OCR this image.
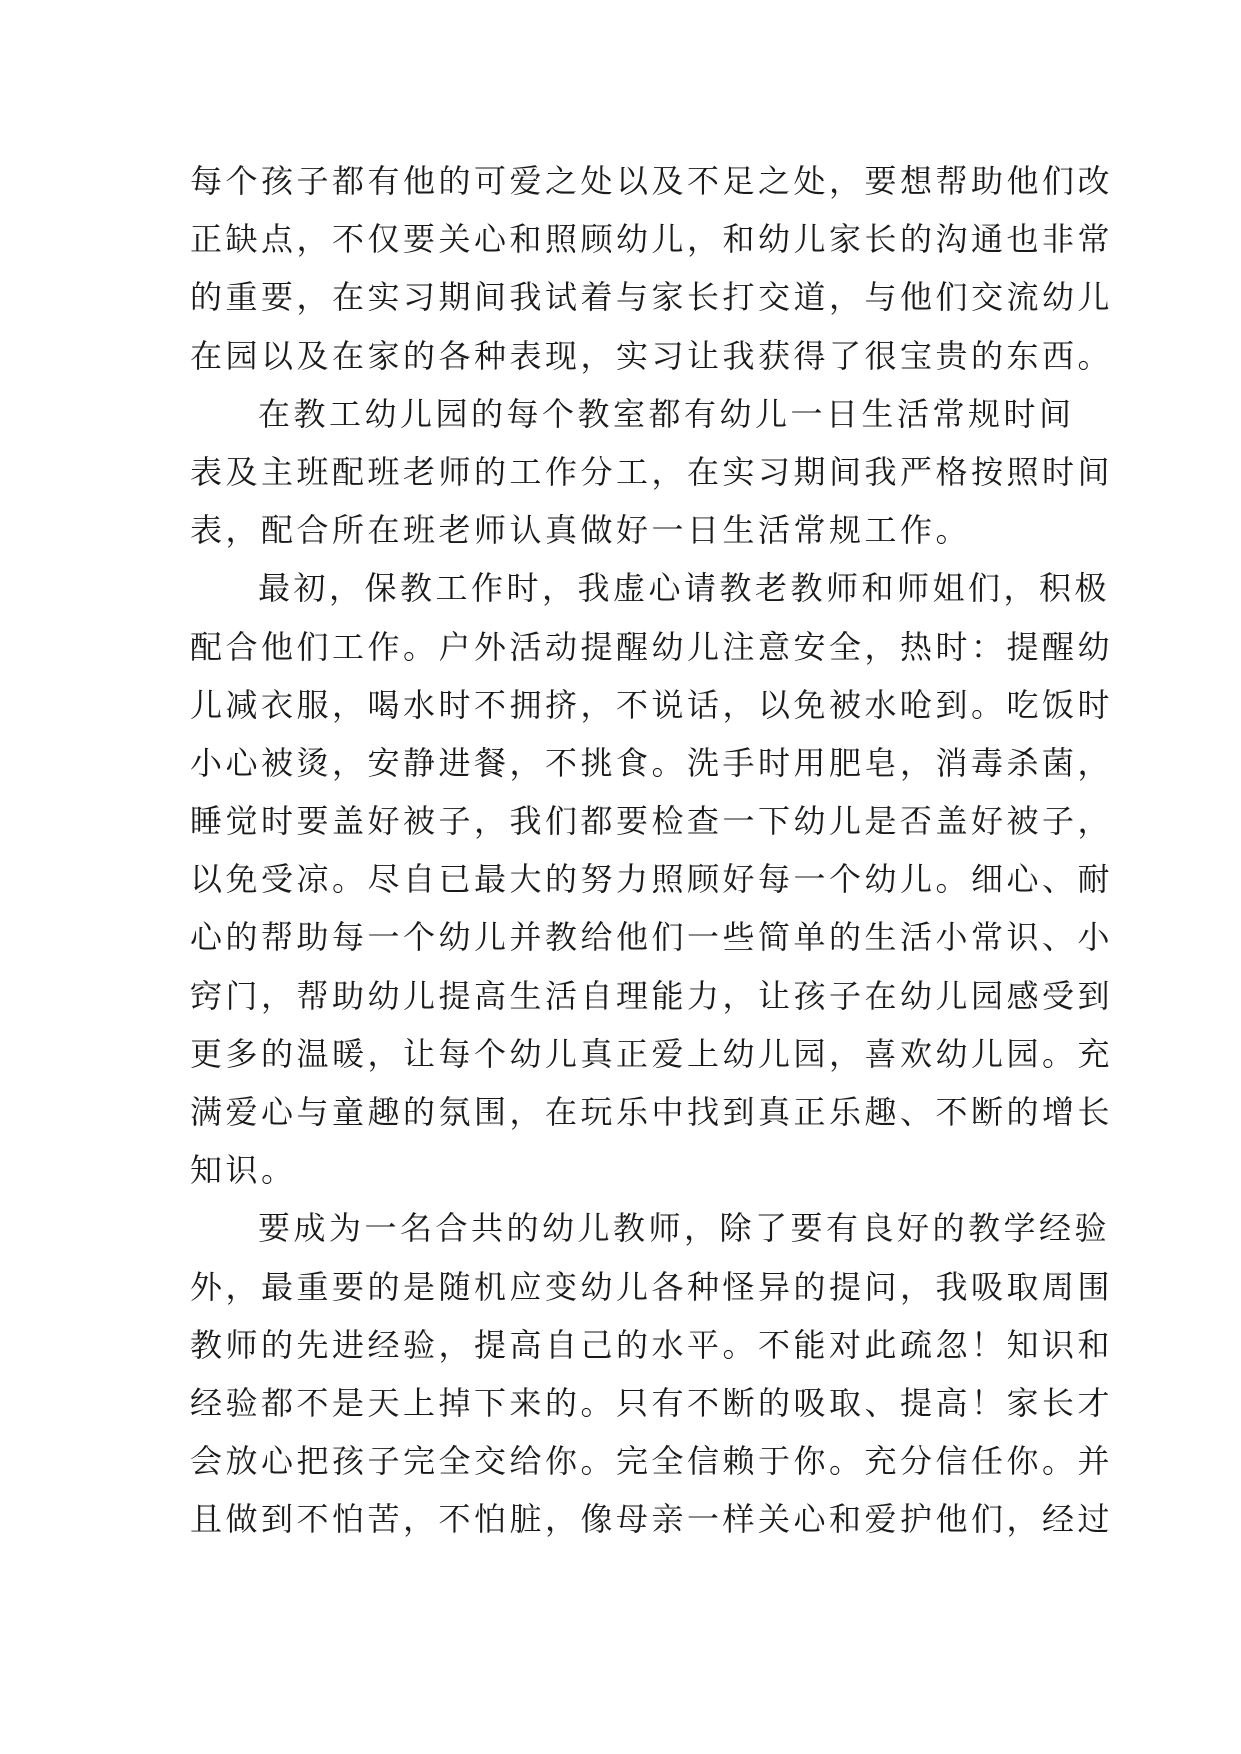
每个孩子都有他的可爱之处以及不足之处，要想帮助他们改
正缺点，不仅要关心和照顾幼儿，和幼儿家长的沟通也非常
的重要，在实习期间我试着与家长打交道，与他们交流幼儿
在园以及在家的各种表现，实习让我获得了很宝贵的东西。
在教工幼儿园的每个教室都有幼儿一日生活常规时间
表及主班配班老师的工作分工，在实习期间我严格按照时间
表，配合所在班老师认真做好一日生活常规工作。
最初，保教工作时，我虚心请教老教师和师姐们，积极
配合他们工作。户外活动提醒幼儿注意安全，热时：提醒幼
儿减衣服，喝水时不拥挤，不说话，以免被水呛到。吃饭时
小心被烫，安静进餐，不挑食。洗手时用肥皂，消毒杀菌，
睡觉时要盖好被子，我们都要检查一下幼儿是否盖好被子，
以免受凉。尽自已最大的努力照顾好每一个幼儿。细心、耐
心的帮助每一个幼儿并教给他们一些简单的生活小常识、小
窍门，帮助幼儿提高生活自理能力，让孩子在幼儿园感受到
更多的温暖，让每个幼儿真正爱上幼儿园，喜欢幼儿园。充
满爱心与童趣的氛围，在玩乐中找到真正乐趣、不断的增长
知识。
要成为一名合共的幼儿教师，除了要有良好的教学经验
外，最重要的是随机应变幼儿各种怪异的提问，我吸取周围
教师的先进经验，提高自己的水平。不能对此疏忽！知识和
经验都不是天上掉下来的。只有不断的吸取、提高！家长才
会放心把孩子完全交给你。完全信赖于你。充分信任你。并
且做到不怕苦，不怕脏，像母亲一样关心和爱护他们，经过
